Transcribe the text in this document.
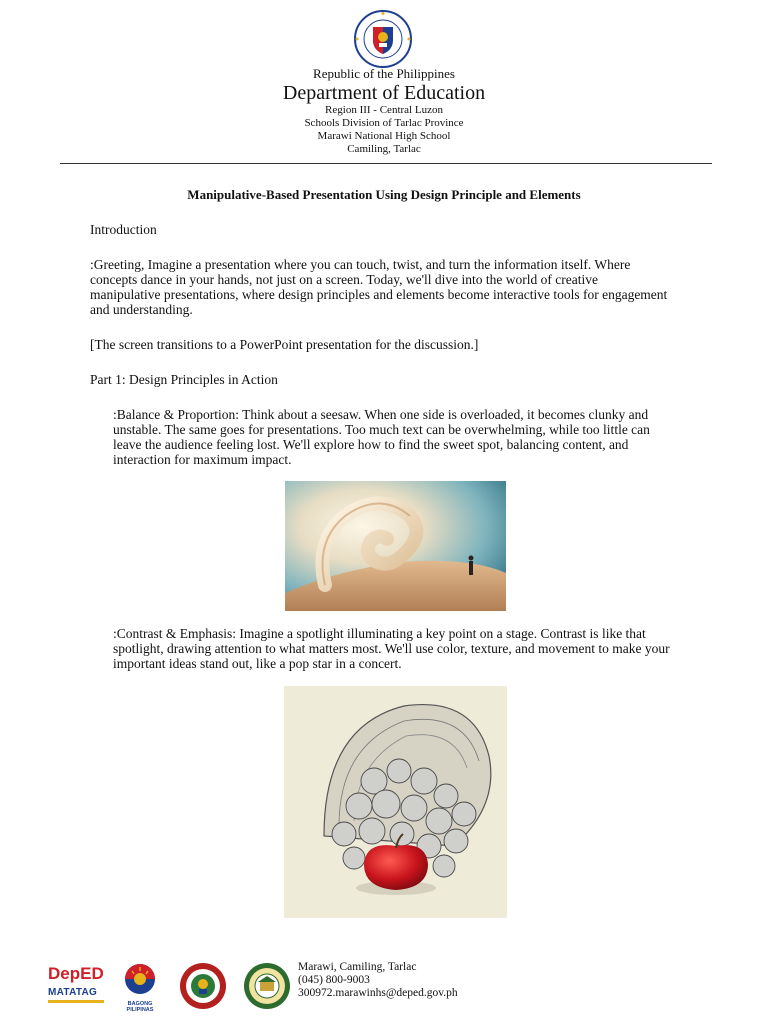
Republic of the Philippines
Department of Education
Region III - Central Luzon
Schools Division of Tarlac Province
Marawi National High School
Camiling, Tarlac
Manipulative-Based Presentation Using Design Principle and Elements
Introduction
:Greeting, Imagine a presentation where you can touch, twist, and turn the information itself. Where concepts dance in your hands, not just on a screen. Today, we'll dive into the world of creative manipulative presentations, where design principles and elements become interactive tools for engagement and understanding.
[The screen transitions to a PowerPoint presentation for the discussion.]
Part 1: Design Principles in Action
:Balance & Proportion: Think about a seesaw. When one side is overloaded, it becomes clunky and unstable. The same goes for presentations. Too much text can be overwhelming, while too little can leave the audience feeling lost. We'll explore how to find the sweet spot, balancing content, and interaction for maximum impact.
:Contrast & Emphasis: Imagine a spotlight illuminating a key point on a stage. Contrast is like that spotlight, drawing attention to what matters most. We'll use color, texture, and movement to make your important ideas stand out, like a pop star in a concert.
DepED
MATATAG
BAGONG PILIPINAS
Marawi, Camiling, Tarlac
(045) 800-9003
300972.marawinhs@deped.gov.ph
